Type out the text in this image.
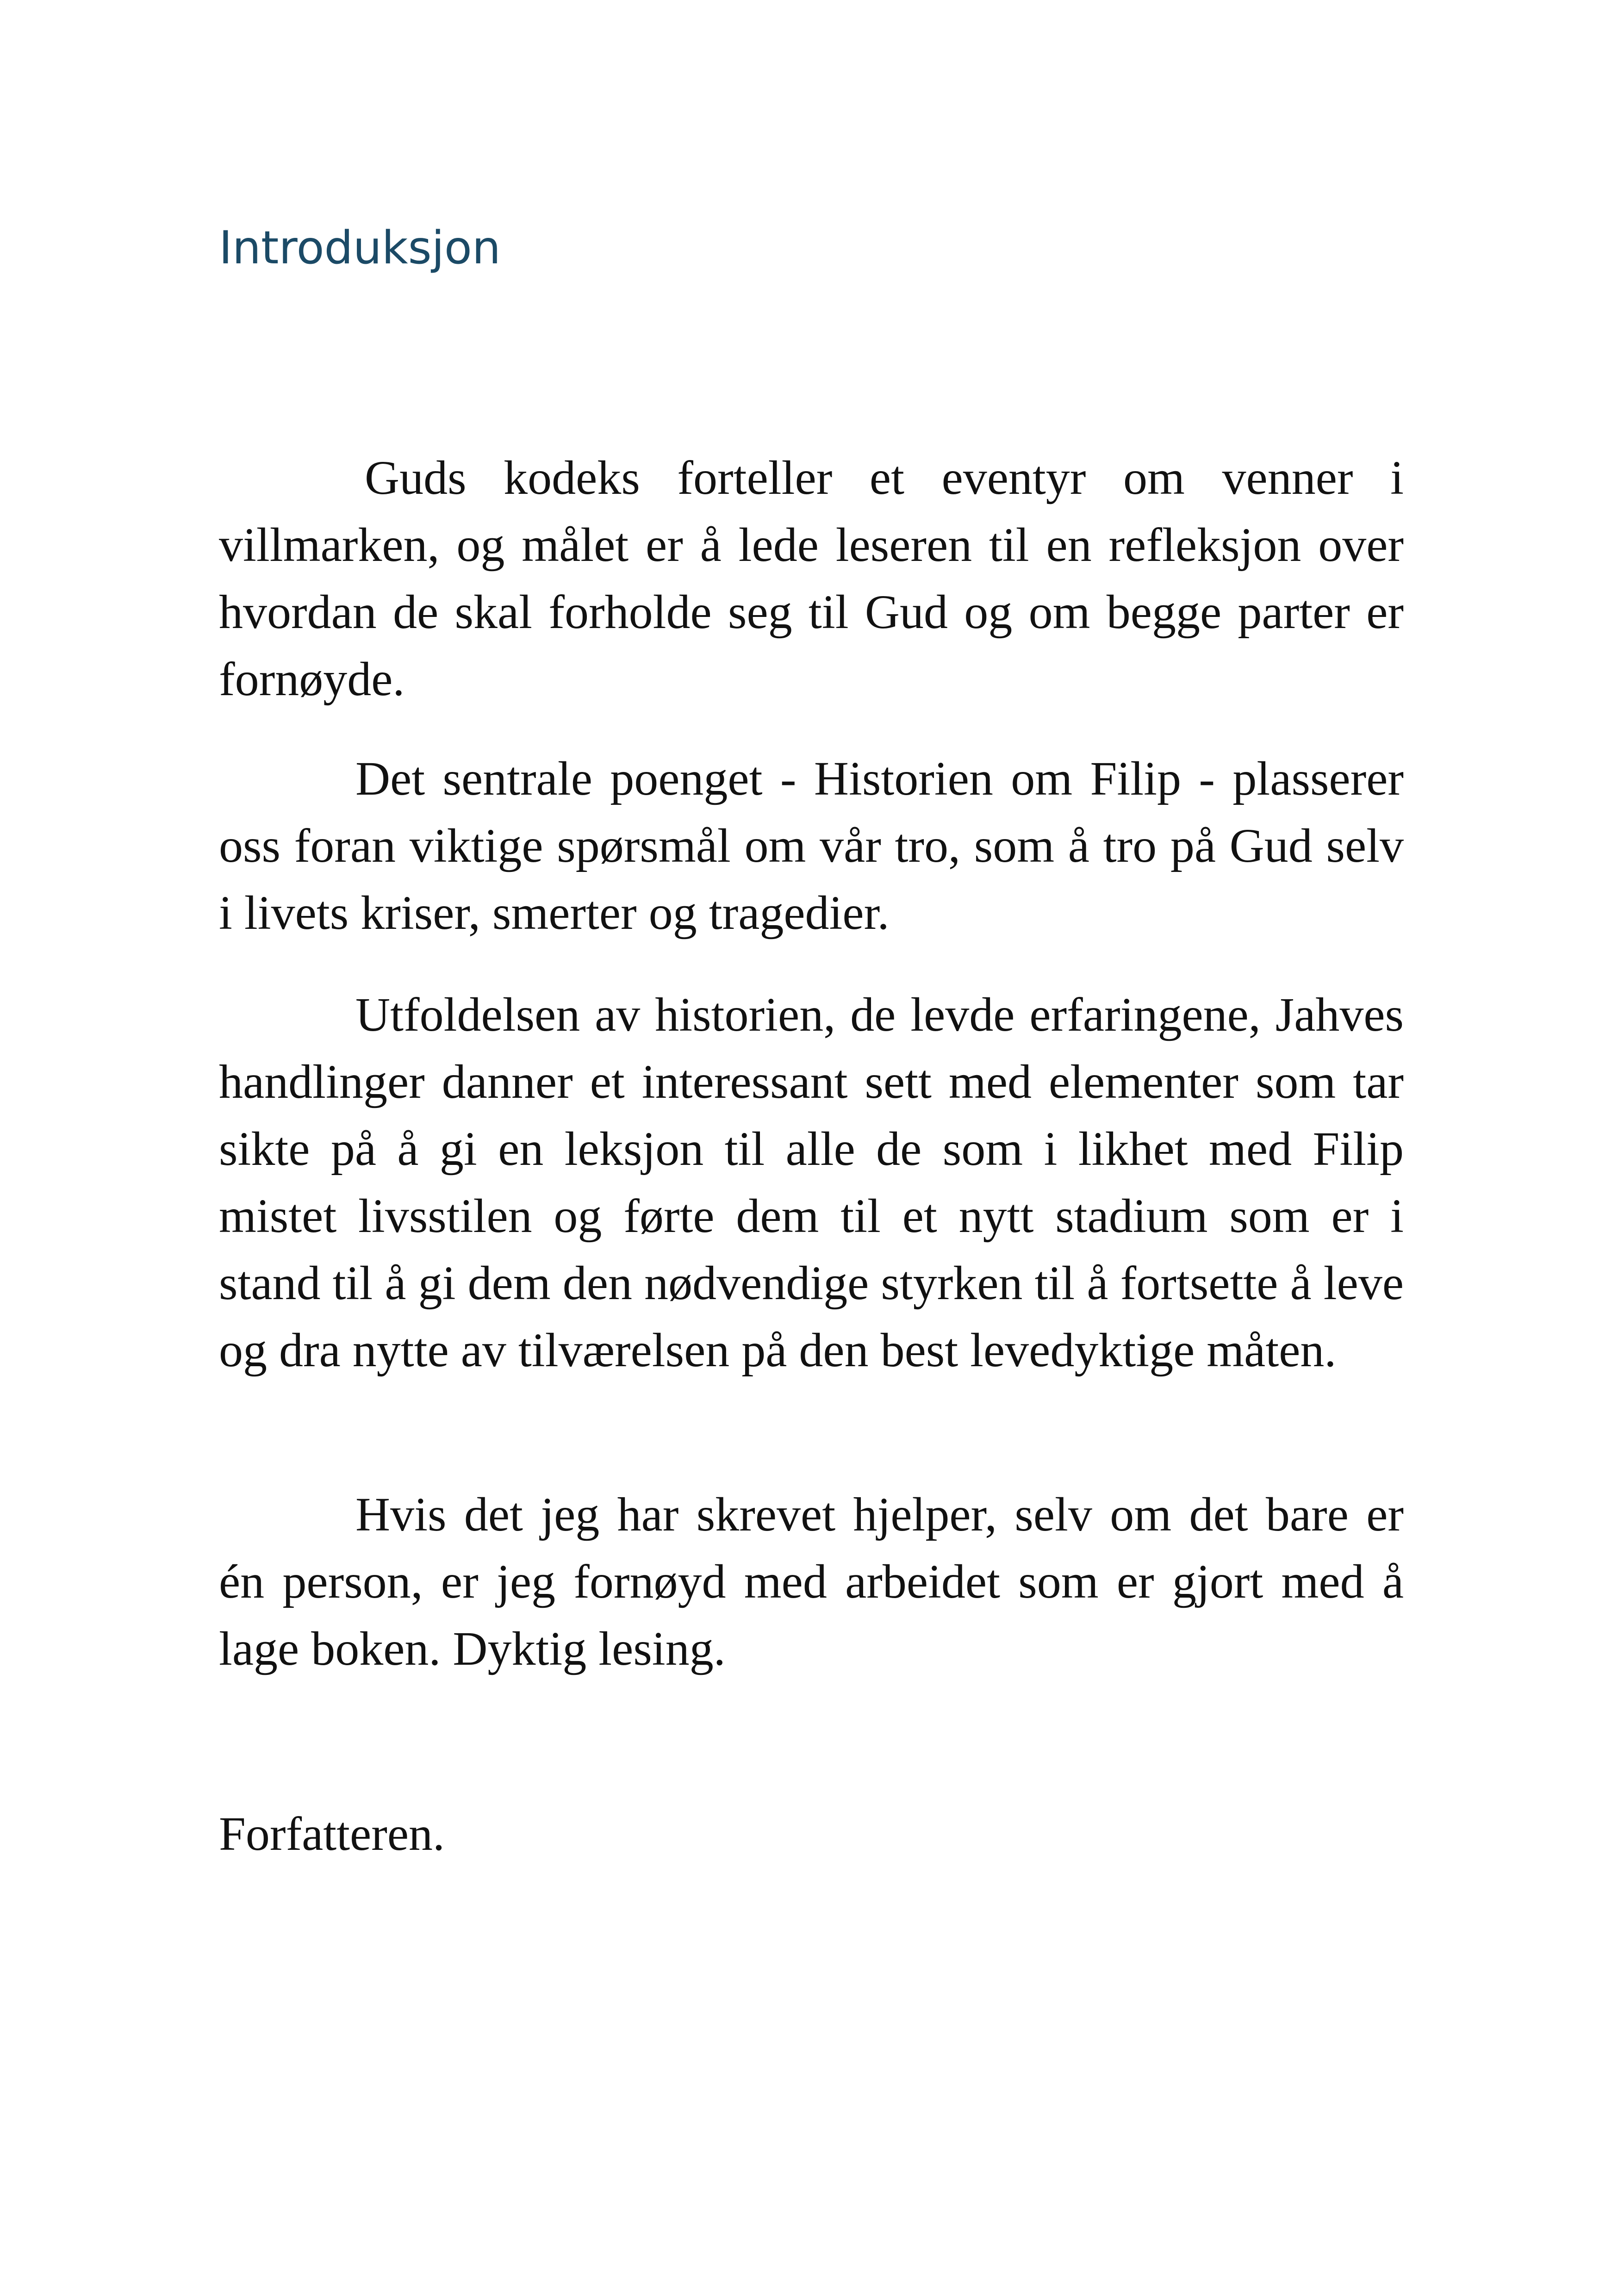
Introduksjon

Guds kodeks forteller et eventyr om venner i villmarken, og målet er å lede leseren til en refleksjon over hvordan de skal forholde seg til Gud og om begge parter er fornøyde.

Det sentrale poenget - Historien om Filip - plasserer oss foran viktige spørsmål om vår tro, som å tro på Gud selv i livets kriser, smerter og tragedier.

Utfoldelsen av historien, de levde erfaringene, Jahves handlinger danner et interessant sett med elementer som tar sikte på å gi en leksjon til alle de som i likhet med Filip mistet livsstilen og førte dem til et nytt stadium som er i stand til å gi dem den nødvendige styrken til å fortsette å leve og dra nytte av tilværelsen på den best levedyktige måten.

Hvis det jeg har skrevet hjelper, selv om det bare er én person, er jeg fornøyd med arbeidet som er gjort med å lage boken. Dyktig lesing.

Forfatteren.
